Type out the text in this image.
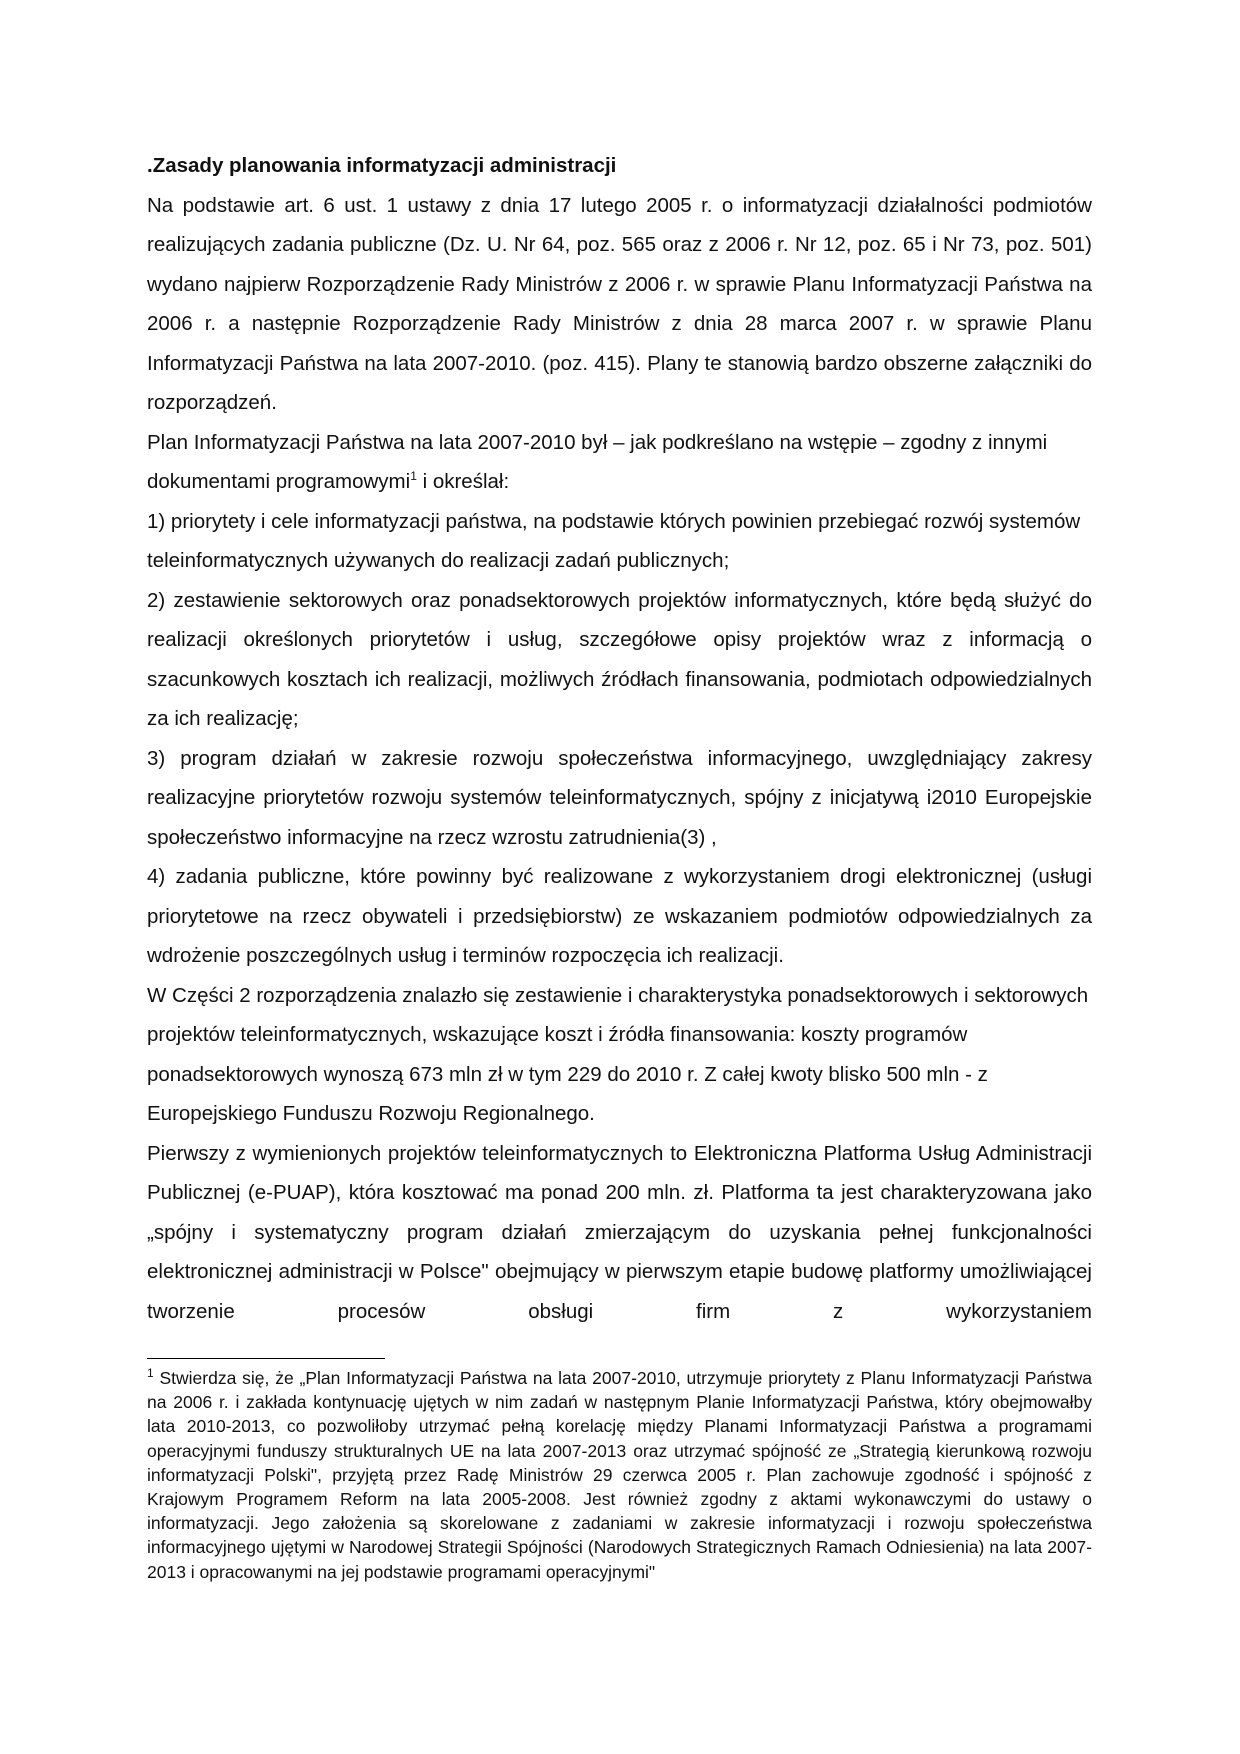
.Zasady planowania informatyzacji administracji

Na podstawie art. 6 ust. 1 ustawy z dnia 17 lutego 2005 r. o informatyzacji działalności podmiotów realizujących zadania publiczne (Dz. U. Nr 64, poz. 565 oraz z 2006 r. Nr 12, poz. 65 i Nr 73, poz. 501) wydano najpierw Rozporządzenie Rady Ministrów z 2006 r. w sprawie Planu Informatyzacji Państwa na 2006 r. a następnie Rozporządzenie Rady Ministrów z dnia 28 marca 2007 r. w sprawie Planu Informatyzacji Państwa na lata 2007-2010. (poz. 415). Plany te stanowią bardzo obszerne załączniki do rozporządzeń.

Plan Informatyzacji Państwa na lata 2007-2010 był – jak podkreślano na wstępie – zgodny z innymi dokumentami programowymi$^1$ i określał:

1) priorytety i cele informatyzacji państwa, na podstawie których powinien przebiegać rozwój systemów teleinformatycznych używanych do realizacji zadań publicznych;

2) zestawienie sektorowych oraz ponadsektorowych projektów informatycznych, które będą służyć do realizacji określonych priorytetów i usług, szczegółowe opisy projektów wraz z informacją o szacunkowych kosztach ich realizacji, możliwych źródłach finansowania, podmiotach odpowiedzialnych za ich realizację;

3) program działań w zakresie rozwoju społeczeństwa informacyjnego, uwzględniający zakresy realizacyjne priorytetów rozwoju systemów teleinformatycznych, spójny z inicjatywą i2010 Europejskie społeczeństwo informacyjne na rzecz wzrostu zatrudnienia(3) ,

4) zadania publiczne, które powinny być realizowane z wykorzystaniem drogi elektronicznej (usługi priorytetowe na rzecz obywateli i przedsiębiorstw) ze wskazaniem podmiotów odpowiedzialnych za wdrożenie poszczególnych usług i terminów rozpoczęcia ich realizacji.

W Części 2 rozporządzenia znalazło się zestawienie i charakterystyka ponadsektorowych i sektorowych projektów teleinformatycznych, wskazujące koszt i źródła finansowania: koszty programów ponadsektorowych wynoszą 673 mln zł w tym 229 do 2010 r. Z całej kwoty blisko 500 mln - z Europejskiego Funduszu Rozwoju Regionalnego.

Pierwszy z wymienionych projektów teleinformatycznych to Elektroniczna Platforma Usług Administracji Publicznej (e-PUAP), która kosztować ma ponad 200 mln. zł. Platforma ta jest charakteryzowana jako „spójny i systematyczny program działań zmierzającym do uzyskania pełnej funkcjonalności elektronicznej administracji w Polsce" obejmujący w pierwszym etapie budowę platformy umożliwiającej tworzenie procesów obsługi firm z wykorzystaniem

$^1$ Stwierdza się, że „Plan Informatyzacji Państwa na lata 2007-2010, utrzymuje priorytety z Planu Informatyzacji Państwa na 2006 r. i zakłada kontynuację ujętych w nim zadań w następnym Planie Informatyzacji Państwa, który obejmowałby lata 2010-2013, co pozwoliłoby utrzymać pełną korelację między Planami Informatyzacji Państwa a programami operacyjnymi funduszy strukturalnych UE na lata 2007-2013 oraz utrzymać spójność ze „Strategią kierunkową rozwoju informatyzacji Polski", przyjętą przez Radę Ministrów 29 czerwca 2005 r. Plan zachowuje zgodność i spójność z Krajowym Programem Reform na lata 2005-2008. Jest również zgodny z aktami wykonawczymi do ustawy o informatyzacji. Jego założenia są skorelowane z zadaniami w zakresie informatyzacji i rozwoju społeczeństwa informacyjnego ujętymi w Narodowej Strategii Spójności (Narodowych Strategicznych Ramach Odniesienia) na lata 2007-2013 i opracowanymi na jej podstawie programami operacyjnymi"
